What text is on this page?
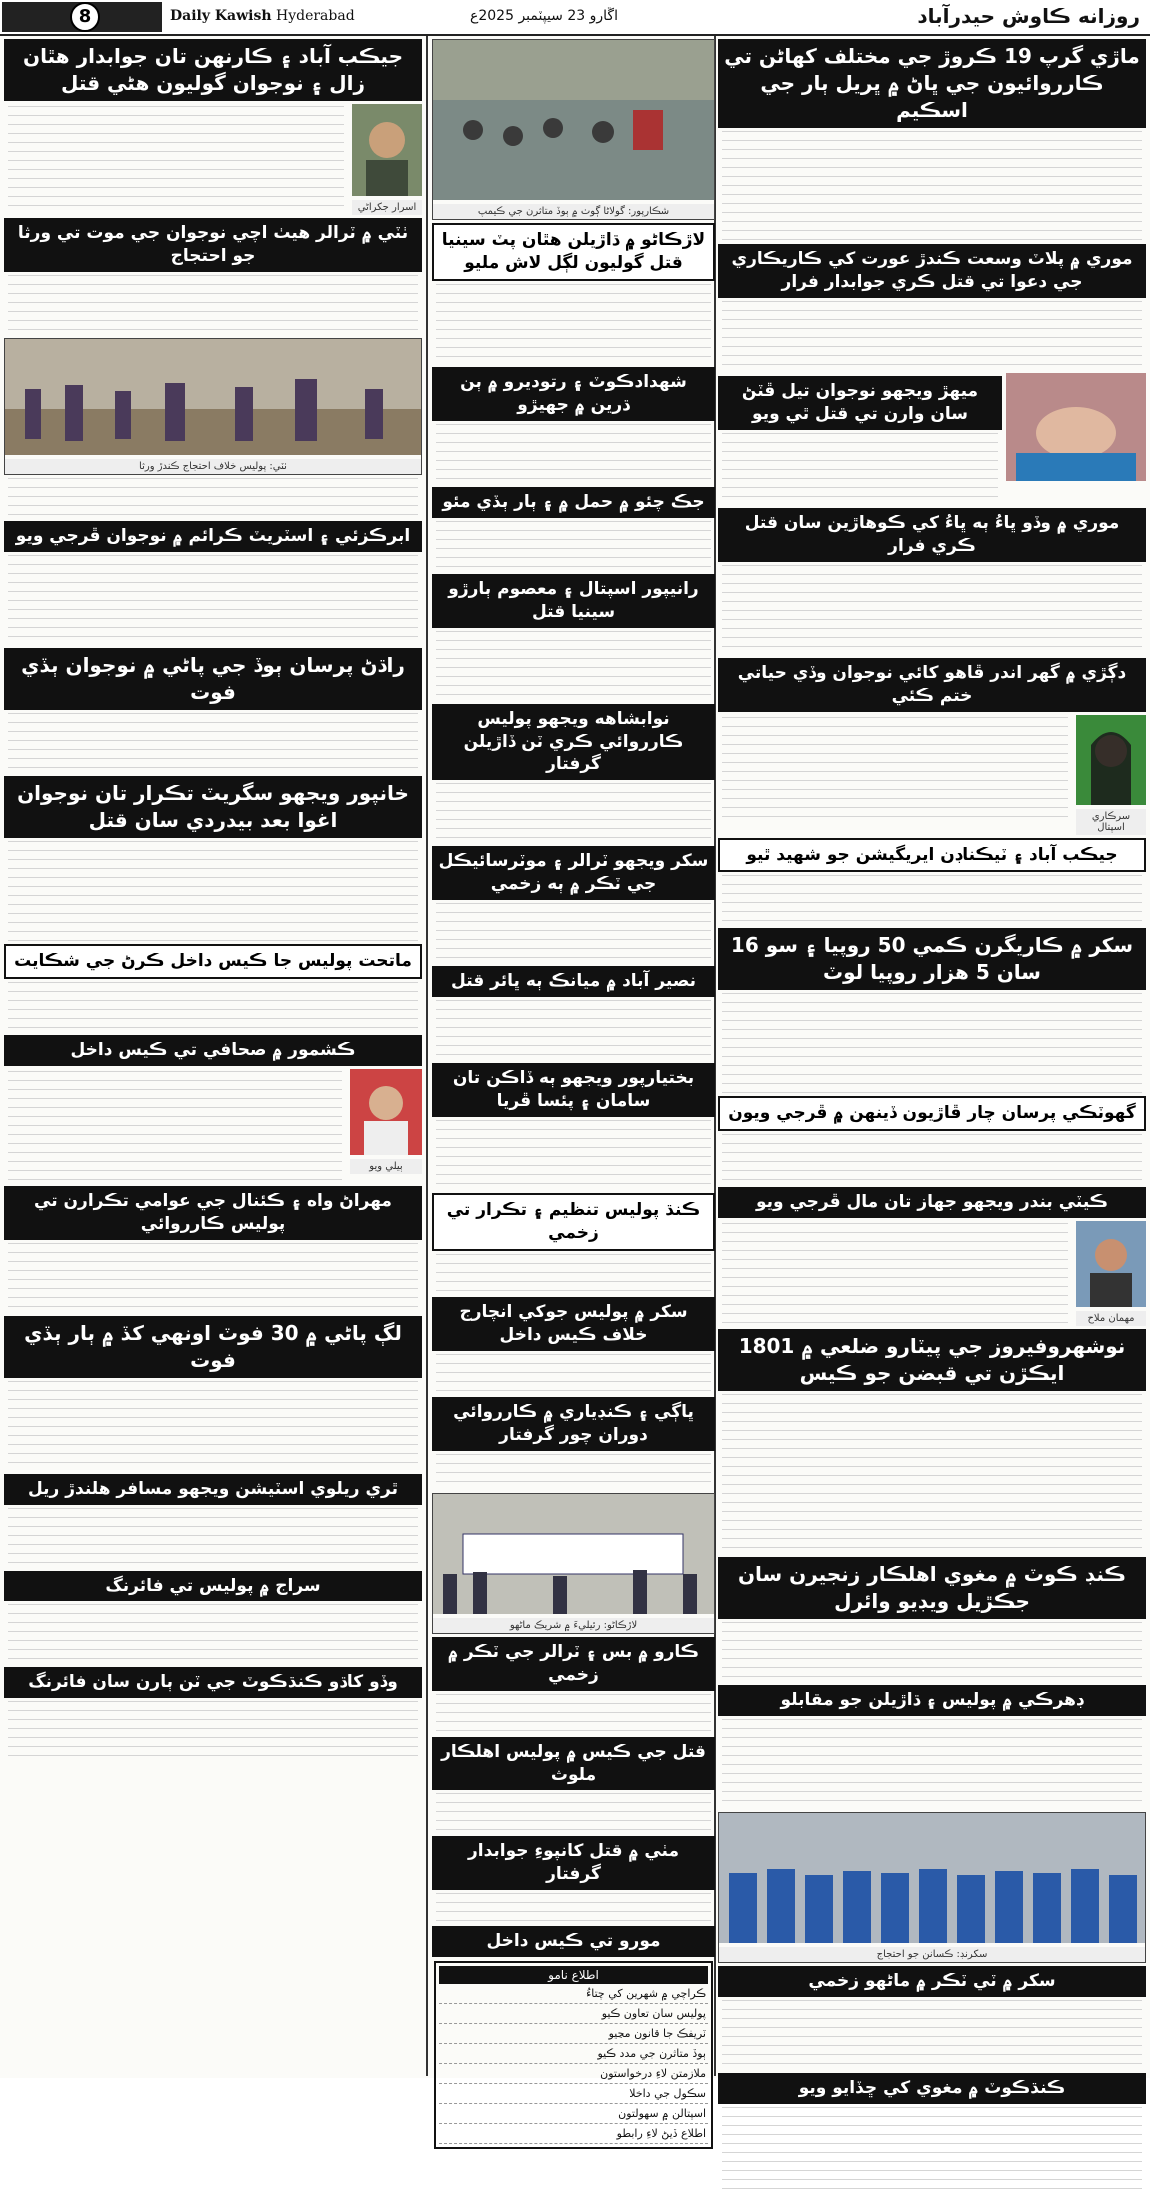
8	Daily Kawish Hyderabad	اڱارو 23 سيپٽمبر 2025ع	روزانه ڪاوش حيدرآباد
جيڪب آباد ۽ ڪارنهن تان جوابدار هٿان زال ۽ نوجوان گوليون هڻي قتل
اسرار جکراڻي
ٺٽي ۾ ٽرالر هيٺ اچي نوجوان جي موت تي ورثا جو احتجاج
ٺٽي: پوليس خلاف احتجاج ڪندڙ ورثا
ابرڪزئي ۽ اسٽريٽ ڪرائم ۾ نوجوان ڦرجي ويو
راڌڻ پرسان ٻوڏ جي پاڻي ۾ نوجوان ٻڏي فوت
خانپور ويجهو سگريٽ تڪرار تان نوجوان اغوا بعد بيدردي سان قتل
ماتحت پوليس جا ڪيس داخل ڪرڻ جي شڪايت
ڪشمور ۾ صحافي تي ڪيس داخل
ٻيلي ويو
مهراڻ واه ۽ ڪئنال جي عوامي تڪرارن تي پوليس ڪارروائي
لڳ پاڻي ۾ 30 فوٽ اونهي کڏ ۾ ٻار ٻڏي فوت
ٿري ريلوي اسٽيشن ويجهو مسافر هلندڙ ريل
سراج ۾ پوليس تي فائرنگ
وڏو کاڌو ڪنڌڪوٽ جي ٽن ٻارن سان فائرنگ
شڪارپور: گولاڻا ڳوٺ ۾ ٻوڏ متاثرن جي ڪيمپ
لاڙڪاڻو ۾ ڌاڙيلن هٿان پٽ سينيا قتل گوليون لڳل لاش مليو
شهدادڪوٽ ۽ رتوديرو ۾ ٻن ڌرين ۾ جهيڙو
جڪ چئو ۾ حمل ۾ ۽ ٻار ٻڏي مئو
رانيپور اسپتال ۽ معصوم ٻارڙو سينيا قتل
نوابشاهه ويجهو پوليس ڪارروائي ڪري ٽن ڏاڙيلن گرفتار
سکر ويجهو ٽرالر ۽ موٽرسائيڪل جي ٽڪر ۾ ٻه زخمي
نصير آباد ۾ ميانڪ ٻه ڀائر قتل
بختيارپور ويجهو ٻه ڏاڪن تان سامان ۽ پئسا ڦريا
ڪنڌ پوليس تنظيم ۽ تڪرار تي زخمي
سکر ۾ پوليس جوکي انچارج خلاف ڪيس داخل
ڀاڳي ۽ ڪنڊياري ۾ ڪارروائي دوران چور گرفتار
لاڙڪاڻو: رئيليءَ ۾ شريڪ ماڻهو
ڪارو ۾ بس ۽ ٽرالر جي ٽڪر ۾ زخمي
قتل جي ڪيس ۾ پوليس اهلڪار ملوث
مٺي ۾ قتل کانپوءِ جوابدار گرفتار
مورو تي ڪيس داخل
اطلاع نامو
ڪراچي ۾ شهرين کي چتاءُ
پوليس سان تعاون ڪيو
ٽريفڪ جا قانون مڃيو
ٻوڏ متاثرن جي مدد ڪيو
ملازمتن لاءِ درخواستون
سڪول جي داخلا
اسپتالن ۾ سهولتون
اطلاع ڏيڻ لاءِ رابطو
ماڙي گرپ 19 ڪروڙ جي مختلف کھاڻن تي ڪارروائيون جي ڀاڻ ۾ ڀريل ٻار جي اسڪيم
موري ۾ پلاٽ وسعت ڪندڙ عورت کي ڪاريڪاري جي دعوا تي قتل ڪري جوابدار فرار
ميهڙ ويجهو نوجوان تيل ڦٽڻ سان وارن تي قتل ٿي ويو
موري ۾ وڏو ڀاءُ ٻه ڀاءُ کي ڪوهاڙين سان قتل ڪري فرار
دڳڙي ۾ گهر اندر ڦاهو کائي نوجوان وڏي حياتي ختم ڪئي
سرڪاري اسپتال
جيڪب آباد ۽ ٽيڪناڊن ايريگيشن جو شهيد ٿيو
سکر ۾ ڪاريگرن ڪمي 50 روپيا ۽ سو 16 سان 5 هزار روپيا لوٽ
گهوٽڪي پرسان چار ڦاڙيون ڏينهن ۾ ڦرجي ويون
ڪيٽي بندر ويجهو جهاز تان مال ڦرجي ويو
مهمان ملاح
نوشهروفيروز جي پيٽارو ضلعي ۾ 1801 ايڪڙن تي قبضن جو ڪيس
ڪنڊ ڪوٽ ۾ مغوي اهلڪار زنجيرن سان جڪڙيل ويڊيو وائرل
ڊهرڪي ۾ پوليس ۽ ڌاڙيلن جو مقابلو
سکرنڊ: ڪسانن جو احتجاج
سکر ۾ ٽي ٽڪر ۾ ماڻهو زخمي
ڪنڌڪوٽ ۾ مغوي کي ڇڏايو ويو
